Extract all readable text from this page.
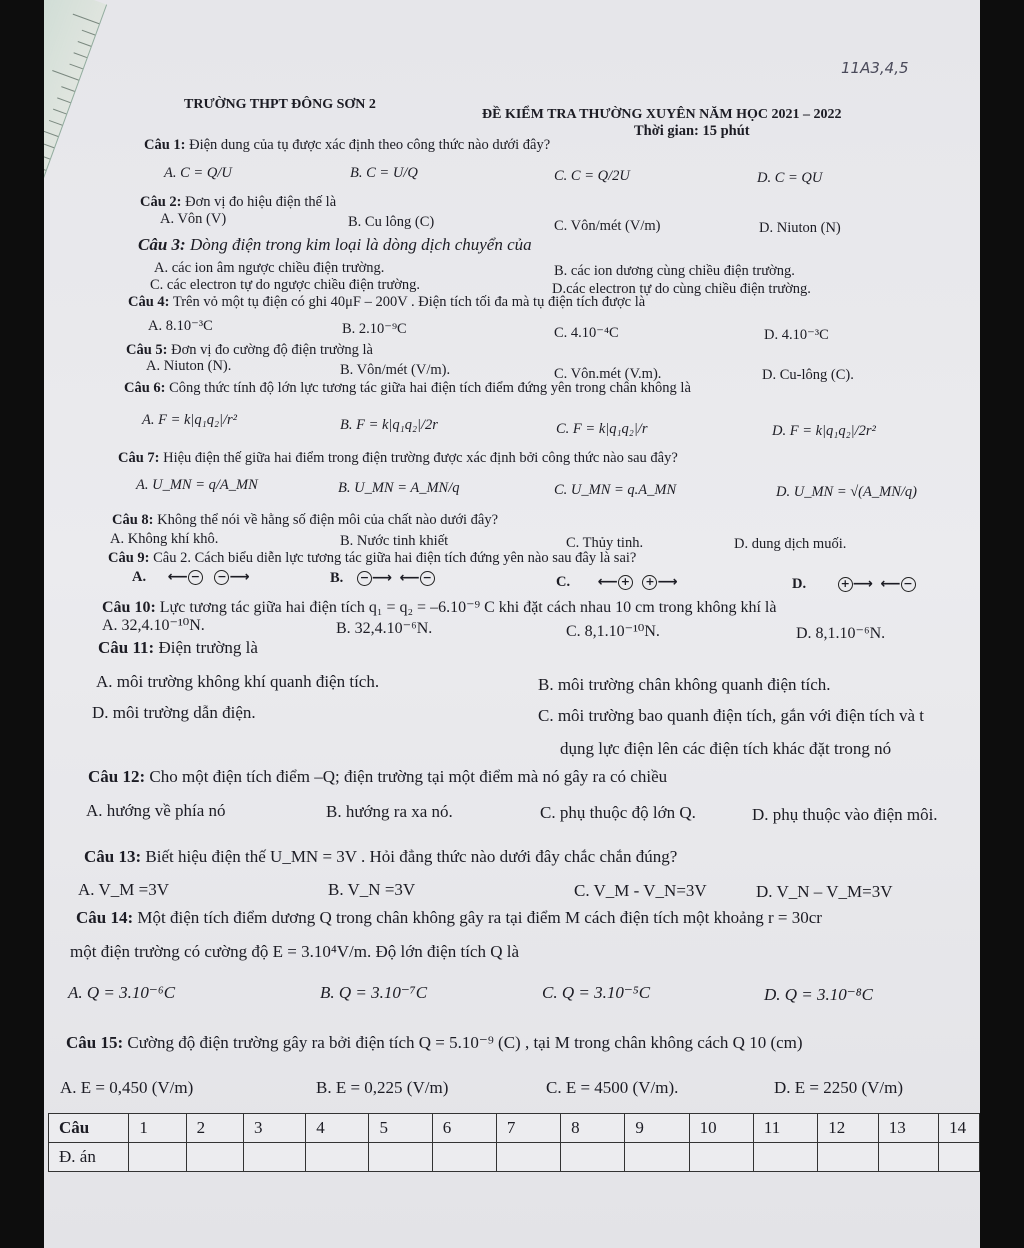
11A3,4,5
TRƯỜNG THPT ĐÔNG SƠN 2
ĐỀ KIỂM TRA THƯỜNG XUYÊN NĂM HỌC 2021 – 2022
Thời gian: 15 phút
Câu 1: Điện dung của tụ được xác định theo công thức nào dưới đây?
A. C = Q/U	B. C = U/Q	C. C = Q/2U	D. C = QU
Câu 2: Đơn vị đo hiệu điện thế là
A. Vôn (V)	B. Cu lông (C)	C. Vôn/mét (V/m)	D. Niuton (N)
Câu 3: Dòng điện trong kim loại là dòng dịch chuyển của
A. các ion âm ngược chiều điện trường.	B. các ion dương cùng chiều điện trường.
C. các electron tự do ngược chiều điện trường.	D.các electron tự do cùng chiều điện trường.
Câu 4: Trên vỏ một tụ điện có ghi 40μF – 200V . Điện tích tối đa mà tụ điện tích được là
A. 8.10⁻³C	B. 2.10⁻⁹C	C. 4.10⁻⁴C	D. 4.10⁻³C
Câu 5: Đơn vị đo cường độ điện trường là
A. Niuton (N).	B. Vôn/mét (V/m).	C. Vôn.mét (V.m).	D. Cu-lông (C).
Câu 6: Công thức tính độ lớn lực tương tác giữa hai điện tích điểm đứng yên trong chân không là
A. F = k|q₁q₂|/r²	B. F = k|q₁q₂|/2r	C. F = k|q₁q₂|/r	D. F = k|q₁q₂|/2r²
Câu 7: Hiệu điện thế giữa hai điểm trong điện trường được xác định bởi công thức nào sau đây?
A. U_MN = q/A_MN	B. U_MN = A_MN/q	C. U_MN = q.A_MN	D. U_MN = √(A_MN/q)
Câu 8: Không thể nói về hằng số điện môi của chất nào dưới đây?
A. Không khí khô.	B. Nước tinh khiết	C. Thủy tinh.	D. dung dịch muối.
Câu 9: Câu 2. Cách biểu diễn lực tương tác giữa hai điện tích đứng yên nào sau đây là sai?
A. ⟵ − − ⟶	B. − ⟶ ⟵ −	C. ⟵ + + ⟶	D.	+ ⟶ ⟵ −
Câu 10: Lực tương tác giữa hai điện tích q₁ = q₂ = –6.10⁻⁹ C khi đặt cách nhau 10 cm trong không khí là
A. 32,4.10⁻¹⁰N.	B. 32,4.10⁻⁶N.	C. 8,1.10⁻¹⁰N.	D. 8,1.10⁻⁶N.
Câu 11: Điện trường là
A. môi trường không khí quanh điện tích.	B. môi trường chân không quanh điện tích.
D. môi trường dẫn điện.	C. môi trường bao quanh điện tích, gắn với điện tích và t
dụng lực điện lên các điện tích khác đặt trong nó
Câu 12: Cho một điện tích điểm –Q; điện trường tại một điểm mà nó gây ra có chiều
A. hướng về phía nó	B. hướng ra xa nó.	C. phụ thuộc độ lớn Q.	D. phụ thuộc vào điện môi.
Câu 13: Biết hiệu điện thế U_MN = 3V . Hỏi đẳng thức nào dưới đây chắc chắn đúng?
A. V_M =3V	B. V_N =3V	C. V_M - V_N=3V	D. V_N – V_M=3V
Câu 14: Một điện tích điểm dương Q trong chân không gây ra tại điểm M cách điện tích một khoảng r = 30cr
một điện trường có cường độ E = 3.10⁴V/m. Độ lớn điện tích Q là
A. Q = 3.10⁻⁶C	B. Q = 3.10⁻⁷C	C. Q = 3.10⁻⁵C	D. Q = 3.10⁻⁸C
Câu 15: Cường độ điện trường gây ra bởi điện tích Q = 5.10⁻⁹ (C) , tại M trong chân không cách Q 10 (cm)
A. E = 0,450 (V/m)	B. E = 0,225 (V/m)	C. E = 4500 (V/m).	D. E = 2250 (V/m)
Câu	1	2	3	4	5	6	7	8	9	10	11	12	13	14
Đ. án														
